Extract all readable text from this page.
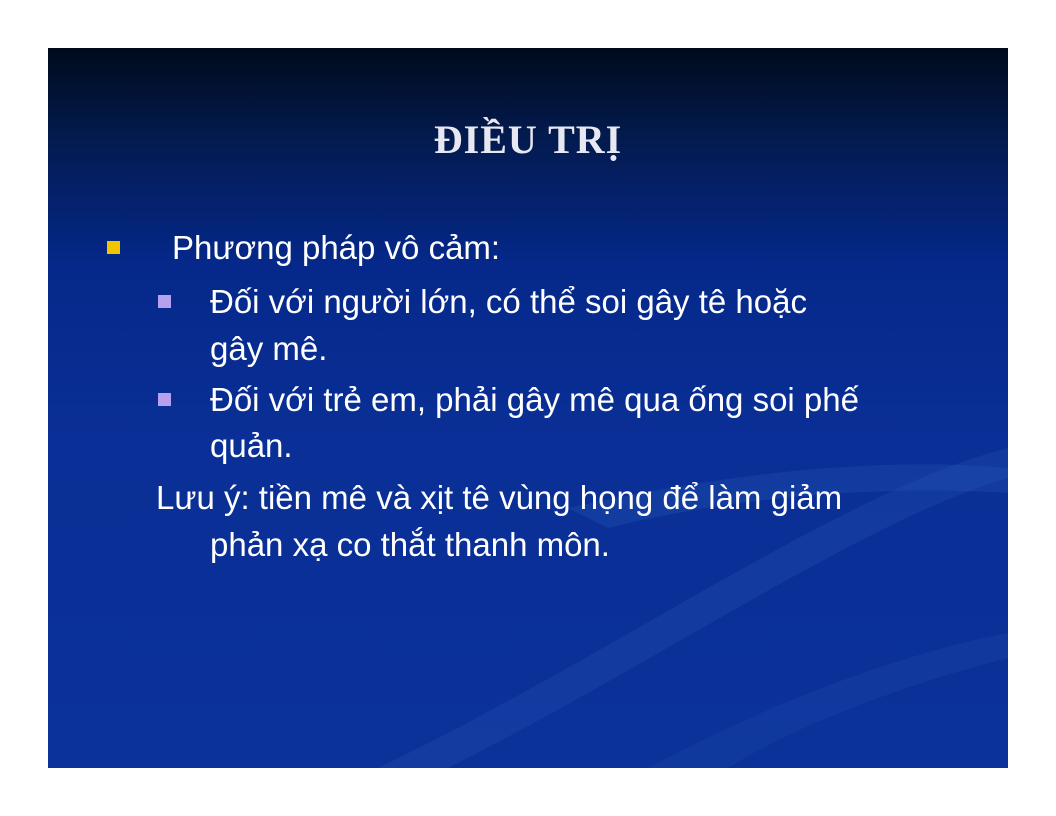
ĐIỀU TRỊ
Phương pháp vô cảm:
Đối với người lớn, có thể soi gây tê hoặc
gây mê.
Đối với trẻ em, phải gây mê qua ống soi phế
quản.
Lưu ý: tiền mê và xịt tê vùng họng để làm giảm
phản xạ co thắt thanh môn.
